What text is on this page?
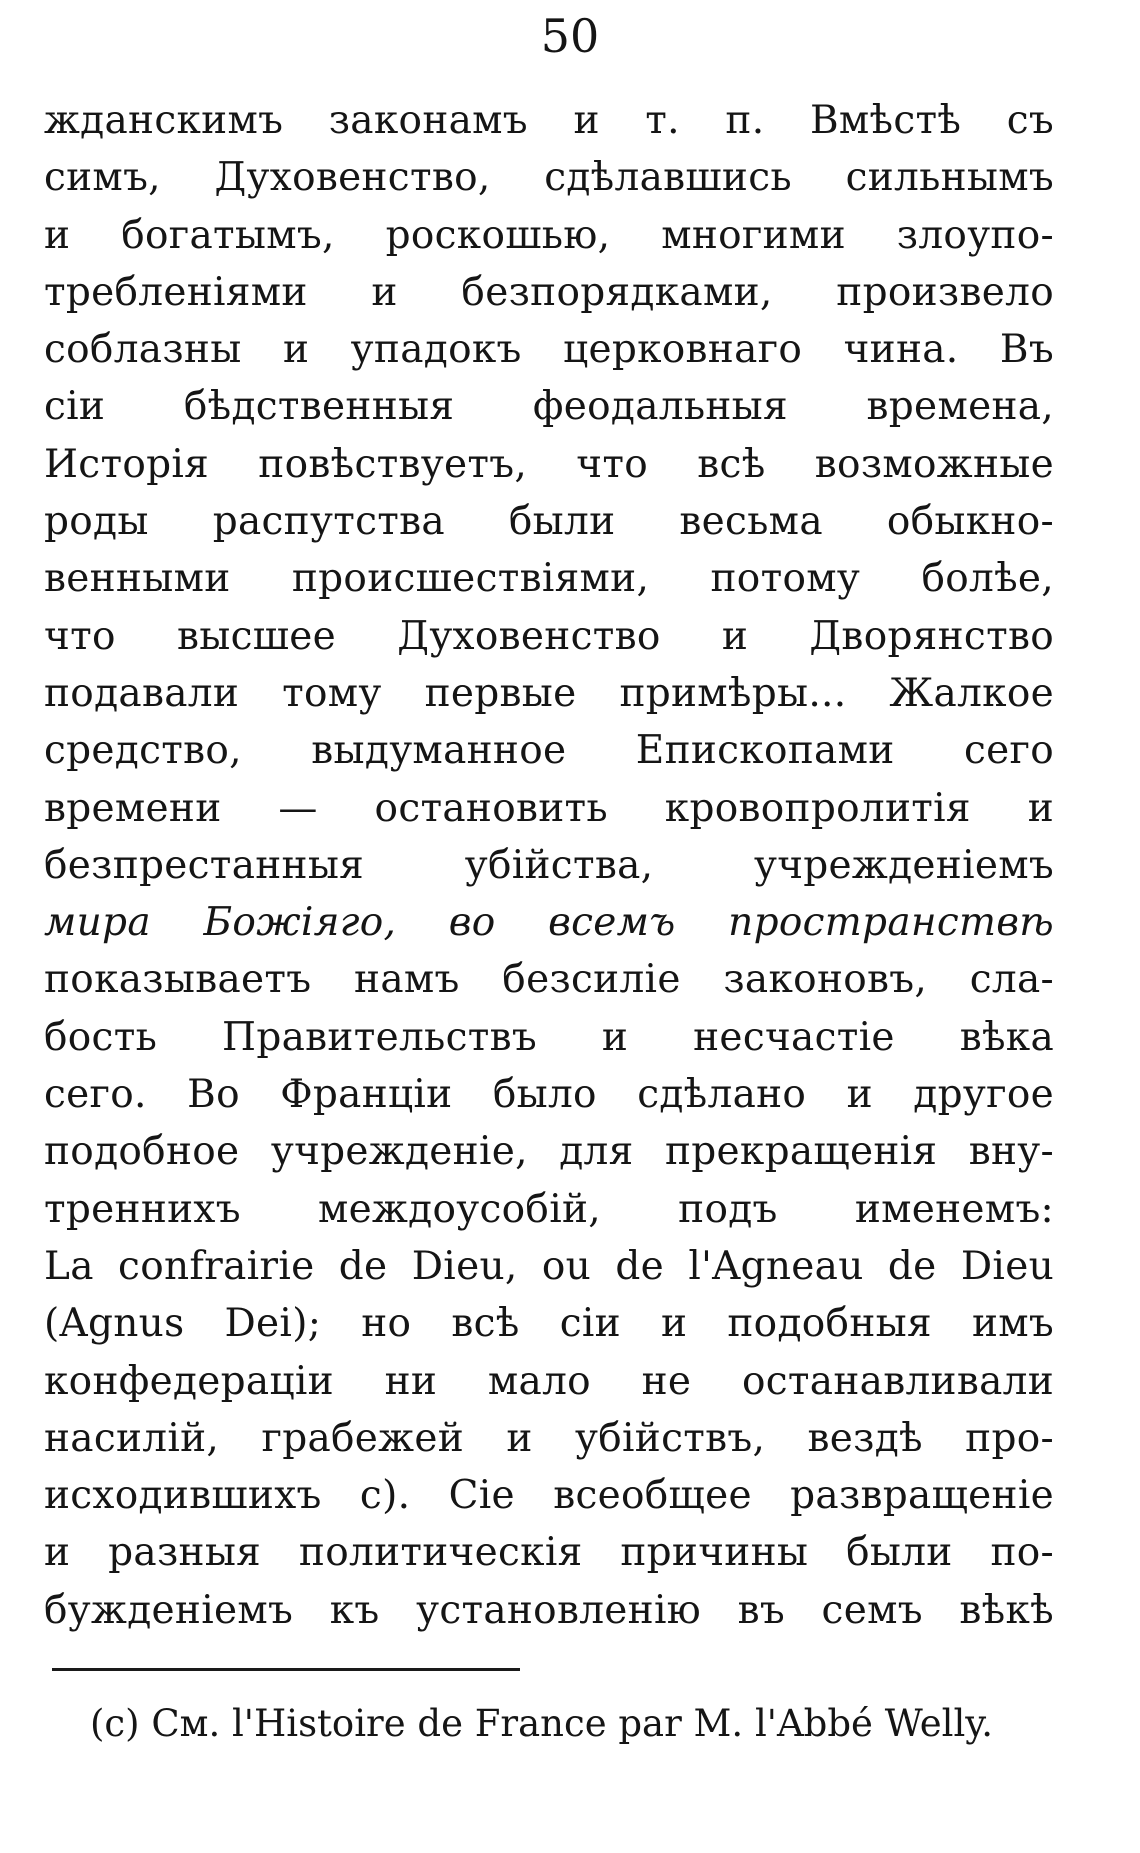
50
жданскимъ законамъ и т. п. Вмѣстѣ съ
симъ, Духовенство, сдѣлавшись сильнымъ
и богатымъ, роскошью, многими злоупо-
требленіями и безпорядками, произвело
соблазны и упадокъ церковнаго чина. Въ
сіи бѣдственныя феодальныя времена,
Исторія повѣствуетъ, что всѣ возможные
роды распутства были весьма обыкно-
венными происшествіями, потому болѣе,
что высшее Духовенство и Дворянство
подавали тому первые примѣры... Жалкое
средство, выдуманное Епископами сего
времени — остановить кровопролитія и
безпрестанныя убійства, учрежденіемъ
мира Божіяго, во всемъ пространствѣ
показываетъ намъ безсиліе законовъ, сла-
бость Правительствъ и несчастіе вѣка
сего. Во Франціи было сдѣлано и другое
подобное учрежденіе, для прекращенія вну-
треннихъ междоусобій, подъ именемъ:
La confrairie de Dieu, ou de l'Agneau de Dieu
(Agnus Dei); но всѣ сіи и подобныя имъ
конфедераціи ни мало не останавливали
насилій, грабежей и убійствъ, вездѣ про-
исходившихъ c). Сіе всеобщее развращеніе
и разныя политическія причины были по-
бужденіемъ къ установленію въ семъ вѣкѣ
(c) См. l'Histoire de France par M. l'Abbé Welly.
